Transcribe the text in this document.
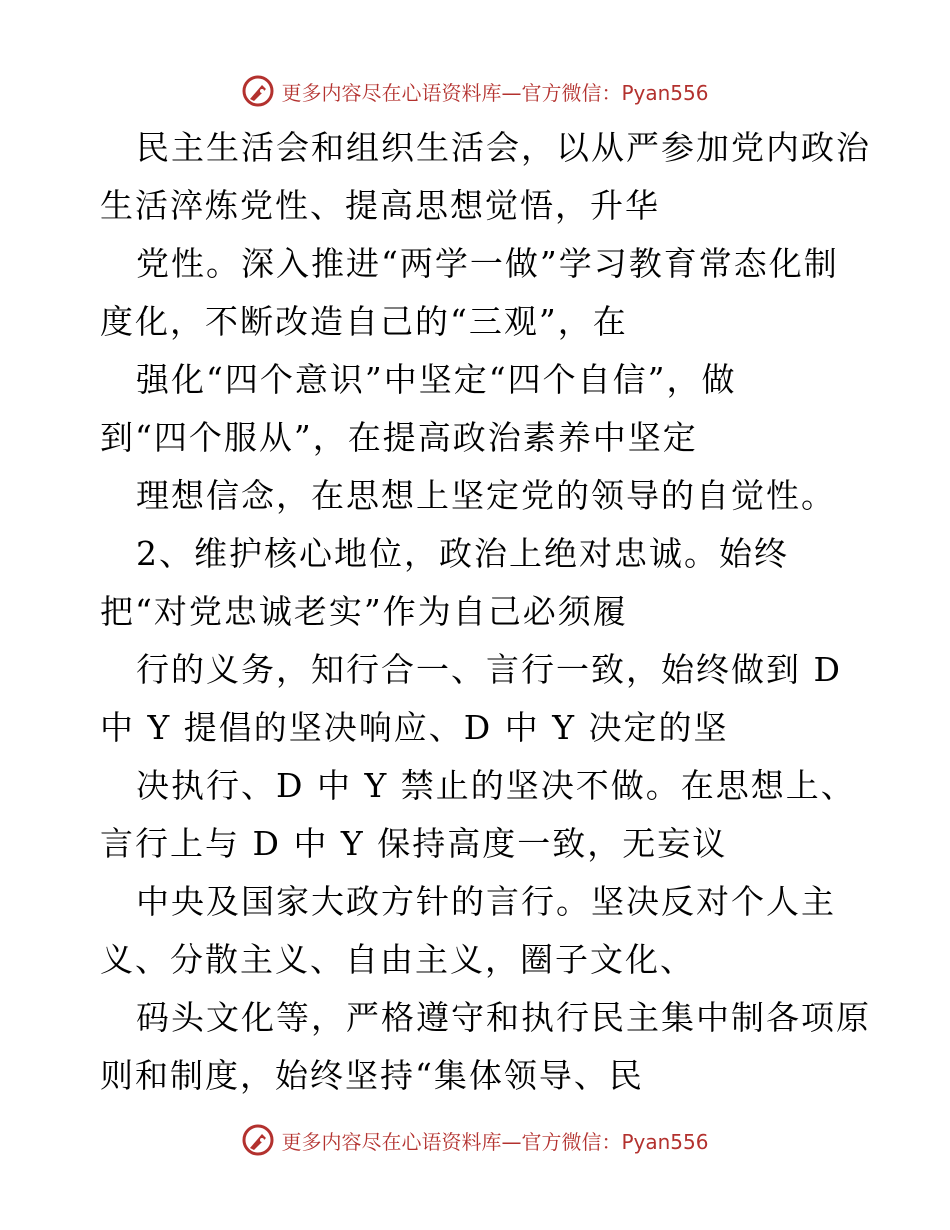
更多内容尽在心语资料库—官方微信：Pyan556
民主生活会和组织生活会，以从严参加党内政治
生活淬炼党性、提高思想觉悟，升华
党性。深入推进“两学一做”学习教育常态化制
度化，不断改造自己的“三观”，在
强化“四个意识”中坚定“四个自信”，做
到“四个服从”，在提高政治素养中坚定
理想信念，在思想上坚定党的领导的自觉性。
2、维护核心地位，政治上绝对忠诚。始终
把“对党忠诚老实”作为自己必须履
行的义务，知行合一、言行一致，始终做到 D
中 Y 提倡的坚决响应、D 中 Y 决定的坚
决执行、D 中 Y 禁止的坚决不做。在思想上、
言行上与 D 中 Y 保持高度一致，无妄议
中央及国家大政方针的言行。坚决反对个人主
义、分散主义、自由主义，圈子文化、
码头文化等，严格遵守和执行民主集中制各项原
则和制度，始终坚持“集体领导、民
更多内容尽在心语资料库—官方微信：Pyan556
